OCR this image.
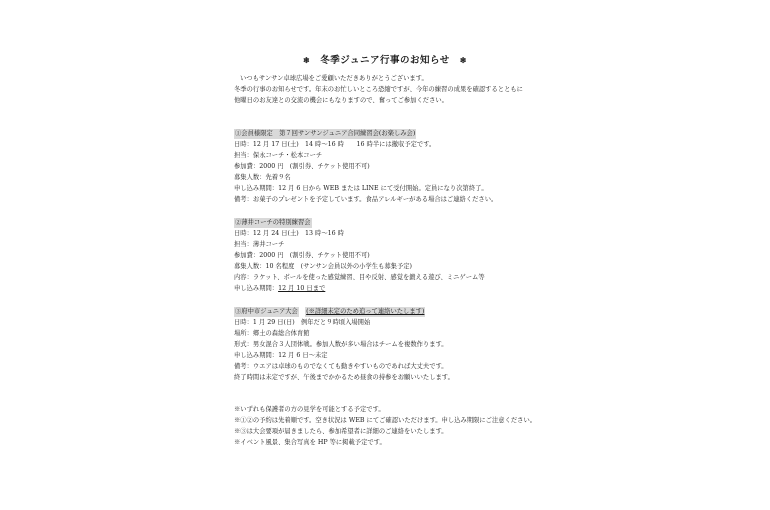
❄ 冬季ジュニア行事のお知らせ ❄
いつもサンサン卓球広場をご愛顧いただきありがとうございます。
冬季の行事のお知らせです。年末のお忙しいところ恐縮ですが、今年の練習の成果を確認するとともに
他曜日のお友達との交流の機会にもなりますので、奮ってご参加ください。
①会員様限定　第７回サンサンジュニア合同練習会(お楽しみ会)
日時：12 月 17 日(土)　14 時～16 時　　16 時半には撤収予定です。
担当：保永コーチ・松本コーチ
参加費：2000 円　(割引券、チケット使用不可)
募集人数：先着９名
申し込み期間：12 月 6 日から WEB または LINE にて受付開始。定員になり次第終了。
備考：お菓子のプレゼントを予定しています。食品アレルギーがある場合はご連絡ください。
②薄井コーチの特別練習会
日時：12 月 24 日(土)　13 時～16 時
担当：薄井コーチ
参加費：2000 円　(割引券、チケット使用不可)
募集人数：10 名程度　(サンサン会員以外の小学生も募集予定)
内容：ラケット、ボールを使った感覚練習、目や反射、感覚を鍛える遊び、ミニゲーム等
申し込み期間：12 月 10 日まで
③府中市ジュニア大会　 (※詳細未定のため追って連絡いたします)
日時：1 月 29 日(日)　例年だと９時頃入場開始
場所：郷土の森総合体育館
形式：男女混合３人団体戦。参加人数が多い場合はチームを複数作ります。
申し込み期間：12 月 6 日～未定
備考：ウエアは卓球のものでなくても動きやすいものであれば大丈夫です。
終了時間は未定ですが、午後までかかるため昼食の持参をお願いいたします。
※いずれも保護者の方の見学を可能とする予定です。
※①②の予約は先着順です。空き状況は WEB にてご確認いただけます。申し込み期限にご注意ください。
※③は大会要項が届きましたら、参加希望者に詳細のご連絡をいたします。
※イベント風景、集合写真を HP 等に掲載予定です。
